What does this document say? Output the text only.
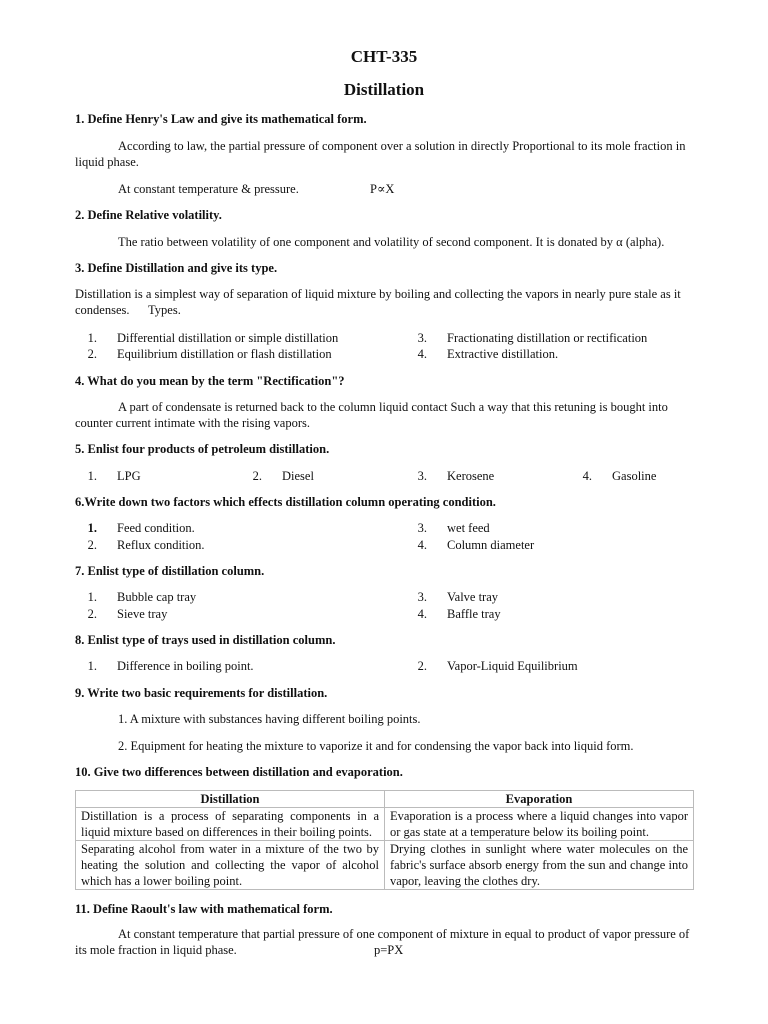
CHT-335
Distillation
1. Define Henry's Law and give its mathematical form.
According to law, the partial pressure of component over a solution in directly Proportional to its mole fraction in liquid phase.
At constant temperature & pressure.	P∝X
2. Define Relative volatility.
The ratio between volatility of one component and volatility of second component. It is donated by α (alpha).
3. Define Distillation and give its type.
Distillation is a simplest way of separation of liquid mixture by boiling and collecting the vapors in nearly pure stale as it condenses. Types.
1. Differential distillation or simple distillation
2. Equilibrium distillation or flash distillation
3. Fractionating distillation or rectification
4. Extractive distillation.
4. What do you mean by the term "Rectification"?
A part of condensate is returned back to the column liquid contact Such a way that this retuning is bought into counter current intimate with the rising vapors.
5. Enlist four products of petroleum distillation.
1. LPG	2. Diesel	3. Kerosene	4. Gasoline
6.Write down two factors which effects distillation column operating condition.
1. Feed condition.
2. Reflux condition.
3. wet feed
4. Column diameter
7. Enlist type of distillation column.
1. Bubble cap tray
2. Sieve tray
3. Valve tray
4. Baffle tray
8. Enlist type of trays used in distillation column.
1. Difference in boiling point.	2. Vapor-Liquid Equilibrium
9. Write two basic requirements for distillation.
1. A mixture with substances having different boiling points.
2. Equipment for heating the mixture to vaporize it and for condensing the vapor back into liquid form.
10. Give two differences between distillation and evaporation.
Distillation	Evaporation
Distillation is a process of separating components in a liquid mixture based on differences in their boiling points.	Evaporation is a process where a liquid changes into vapor or gas state at a temperature below its boiling point.
Separating alcohol from water in a mixture of the two by heating the solution and collecting the vapor of alcohol which has a lower boiling point.	Drying clothes in sunlight where water molecules on the fabric's surface absorb energy from the sun and change into vapor, leaving the clothes dry.
11. Define Raoult's law with mathematical form.
At constant temperature that partial pressure of one component of mixture in equal to product of vapor pressure of its mole fraction in liquid phase.	p=PX
